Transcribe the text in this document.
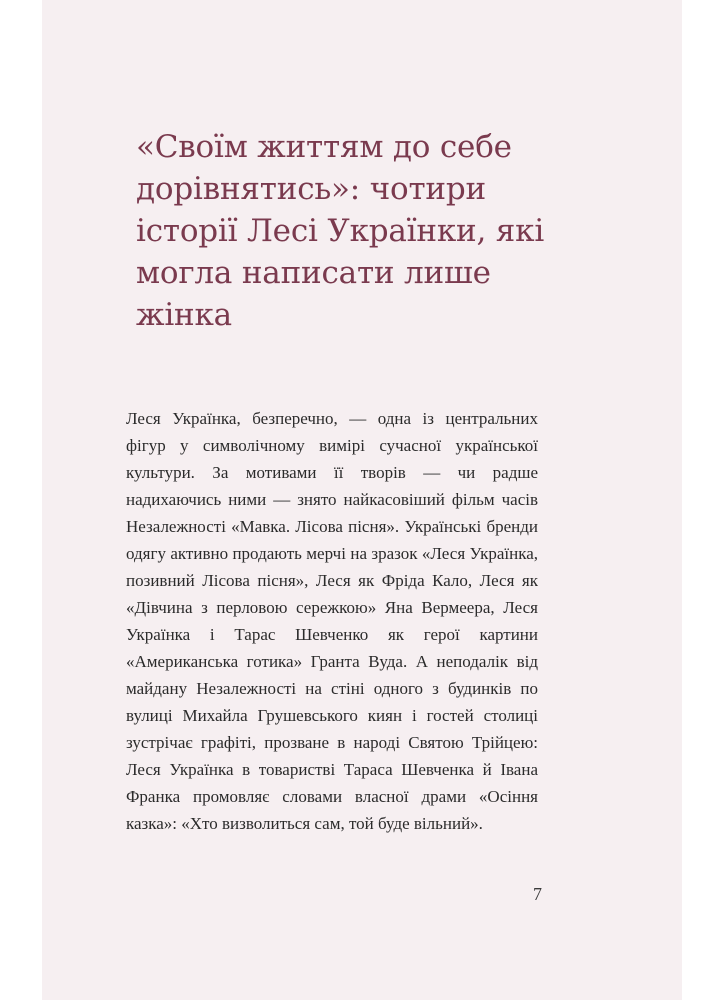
«Своїм життям до себе дорівнятись»: чотири історії Лесі Українки, які могла написати лише жінка

Леся Українка, безперечно, — одна із центральних фігур у символічному вимірі сучасної української культури. За мотивами її творів — чи радше надихаючись ними — знято найкасовіший фільм часів Незалежності «Мавка. Лісова пісня». Українські бренди одягу активно продають мерчі на зразок «Леся Українка, позивний Лісова пісня», Леся як Фріда Кало, Леся як «Дівчина з перловою сережкою» Яна Вермеера, Леся Українка і Тарас Шевченко як герої картини «Американська готика» Гранта Вуда. А неподалік від майдану Незалежності на стіні одного з будинків по вулиці Михайла Грушевського киян і гостей столиці зустрічає графіті, прозване в народі Святою Трійцею: Леся Українка в товаристві Тараса Шевченка й Івана Франка промовляє словами власної драми «Осіння казка»: «Хто визволиться сам, той буде вільний».

7
